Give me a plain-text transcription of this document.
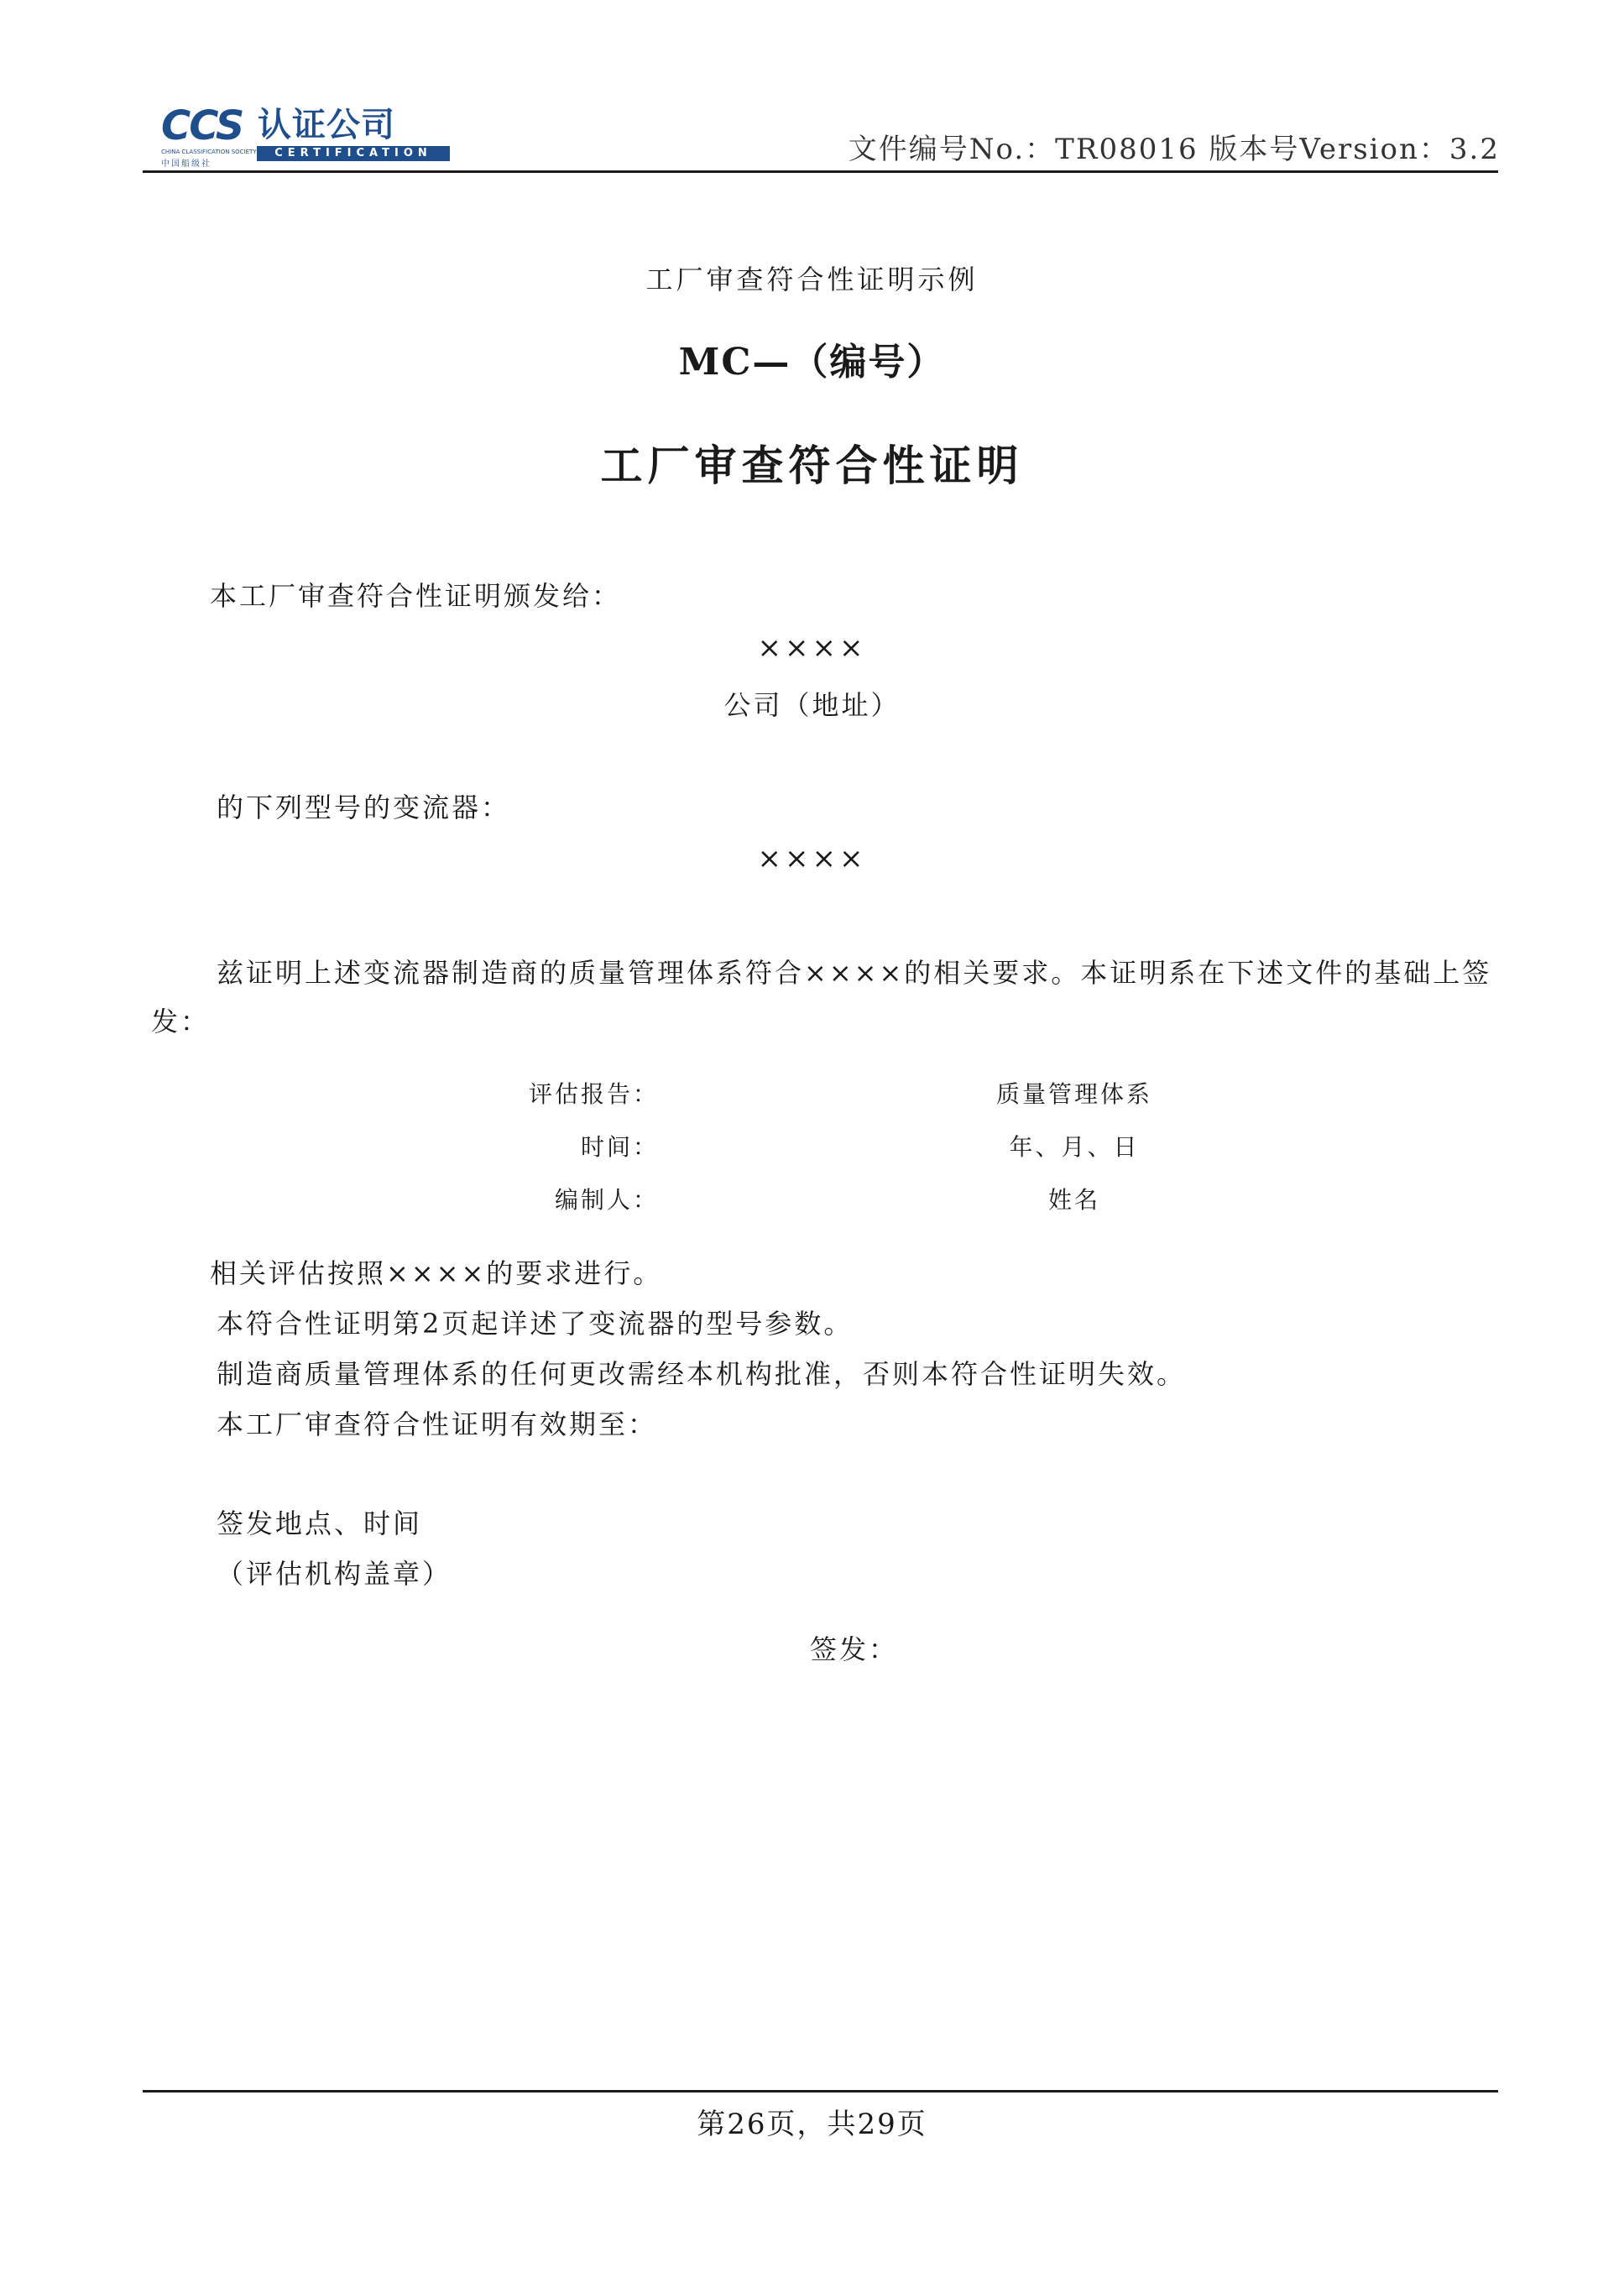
CCS 认证公司
CHINA CLASSIFICATION SOCIETY
中国船级社
CERTIFICATION	文件编号No.：TR08016 版本号Version：3.2
工厂审查符合性证明示例
MC—（编号）
工厂审查符合性证明
本工厂审查符合性证明颁发给：
××××
公司（地址）
的下列型号的变流器：
××××
兹证明上述变流器制造商的质量管理体系符合××××的相关要求。本证明系在下述文件的基础上签发：
评估报告：	质量管理体系
时间：	年、月、日
编制人：	姓名
相关评估按照××××的要求进行。
本符合性证明第2页起详述了变流器的型号参数。
制造商质量管理体系的任何更改需经本机构批准，否则本符合性证明失效。
本工厂审查符合性证明有效期至：
签发地点、时间
（评估机构盖章）
签发：
第26页，共29页
